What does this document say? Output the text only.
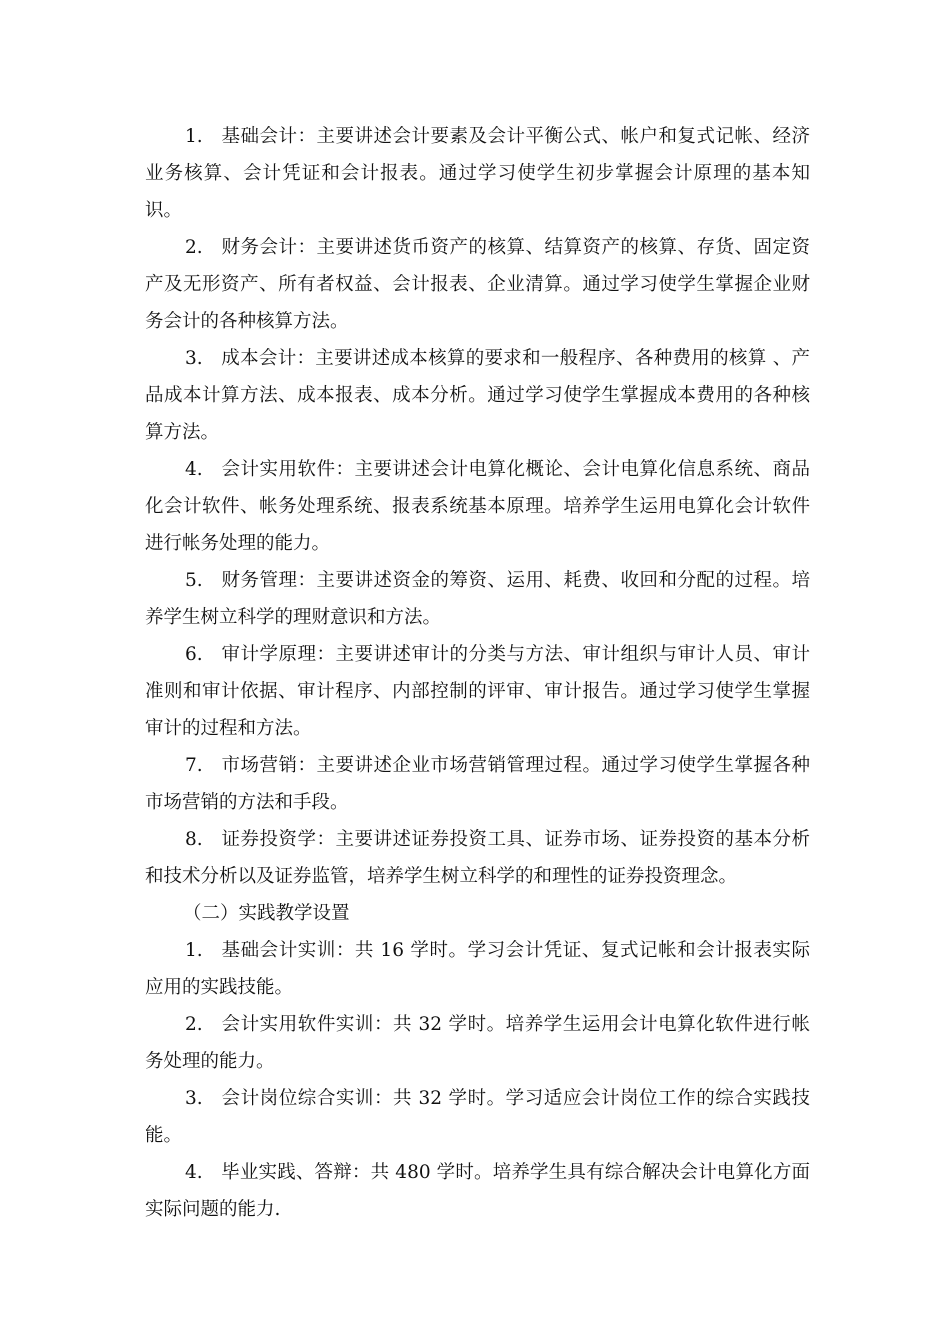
1. 基础会计：主要讲述会计要素及会计平衡公式、帐户和复式记帐、经济业务核算、会计凭证和会计报表。通过学习使学生初步掌握会计原理的基本知识。

2. 财务会计：主要讲述货币资产的核算、结算资产的核算、存货、固定资产及无形资产、所有者权益、会计报表、企业清算。通过学习使学生掌握企业财务会计的各种核算方法。

3. 成本会计：主要讲述成本核算的要求和一般程序、各种费用的核算 、产品成本计算方法、成本报表、成本分析。通过学习使学生掌握成本费用的各种核算方法。

4. 会计实用软件：主要讲述会计电算化概论、会计电算化信息系统、商品化会计软件、帐务处理系统、报表系统基本原理。培养学生运用电算化会计软件进行帐务处理的能力。

5. 财务管理：主要讲述资金的筹资、运用、耗费、收回和分配的过程。培养学生树立科学的理财意识和方法。

6. 审计学原理：主要讲述审计的分类与方法、审计组织与审计人员、审计准则和审计依据、审计程序、内部控制的评审、审计报告。通过学习使学生掌握审计的过程和方法。

7. 市场营销：主要讲述企业市场营销管理过程。通过学习使学生掌握各种市场营销的方法和手段。

8. 证券投资学：主要讲述证券投资工具、证券市场、证券投资的基本分析和技术分析以及证券监管，培养学生树立科学的和理性的证券投资理念。

（二）实践教学设置

1. 基础会计实训：共 16 学时。学习会计凭证、复式记帐和会计报表实际应用的实践技能。

2. 会计实用软件实训：共 32 学时。培养学生运用会计电算化软件进行帐务处理的能力。

3. 会计岗位综合实训：共 32 学时。学习适应会计岗位工作的综合实践技能。

4. 毕业实践、答辩：共 480 学时。培养学生具有综合解决会计电算化方面实际问题的能力.
